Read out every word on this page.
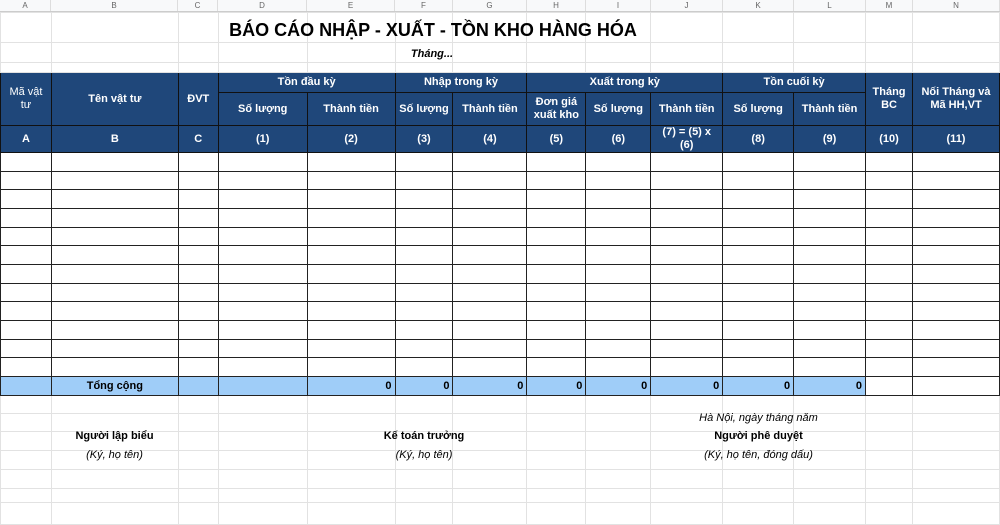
A	B	C	D	E	F	G	H	I	J	K	L	M	N

Mã vật tư	Tên vật tư	ĐVT	Tồn đầu kỳ		Nhập trong kỳ		Xuất trong kỳ			Tồn cuối kỳ		Tháng BC	Nối Tháng và Mã HH,VT
			Số lượng	Thành tiền	Số lượng	Thành tiền	Đơn giá xuất kho	Số lượng	Thành tiền	Số lượng	Thành tiền		
A	B	C	(1)	(2)	(3)	(4)	(5)	(6)	(7) = (5) x (6)	(8)	(9)	(10)	(11)

	Tổng cộng			0	0	0	0	0	0	0	0		

BÁO CÁO NHẬP - XUẤT - TỒN KHO HÀNG HÓA
Tháng...
Hà Nội, ngày tháng năm
Người lập biểu
(Ký, họ tên)
Kế toán trưởng
(Ký, họ tên)
Người phê duyệt
(Ký, họ tên, đóng dấu)
